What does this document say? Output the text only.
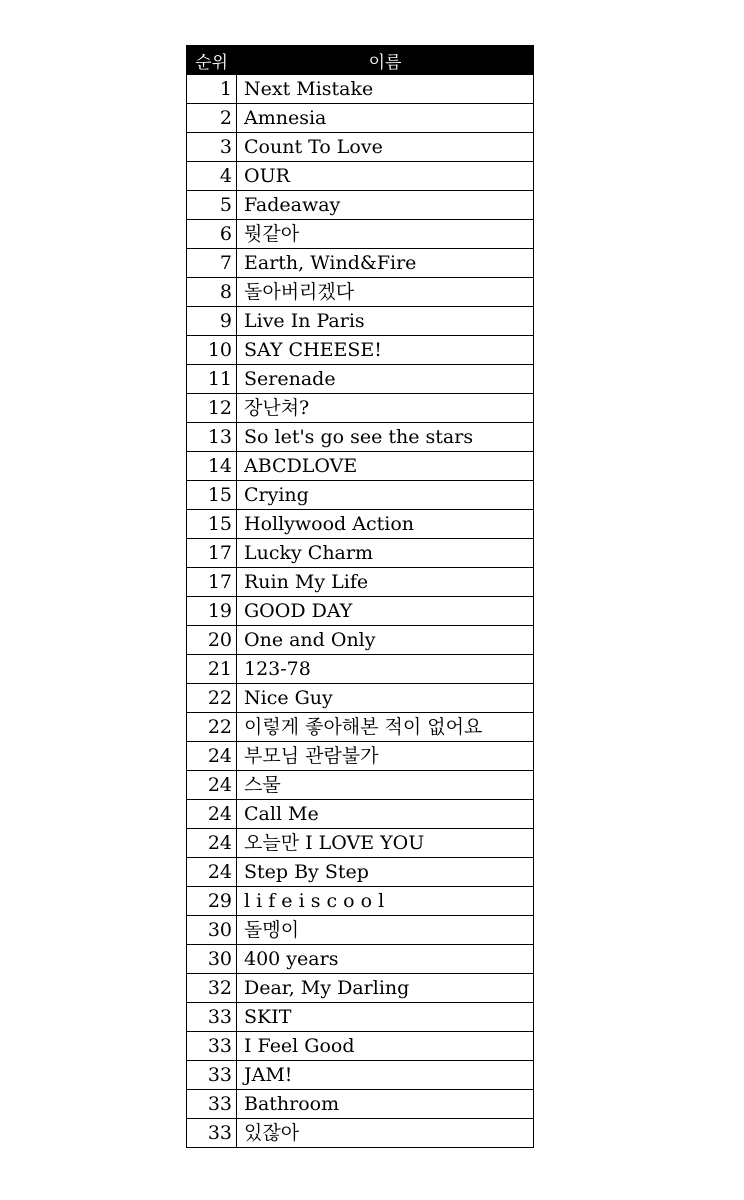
순위	이름
1	Next Mistake
2	Amnesia
3	Count To Love
4	OUR
5	Fadeaway
6	뭣같아
7	Earth, Wind&Fire
8	돌아버리겠다
9	Live In Paris
10	SAY CHEESE!
11	Serenade
12	장난쳐?
13	So let's go see the stars
14	ABCDLOVE
15	Crying
15	Hollywood Action
17	Lucky Charm
17	Ruin My Life
19	GOOD DAY
20	One and Only
21	123-78
22	Nice Guy
22	이렇게 좋아해본 적이 없어요
24	부모님 관람불가
24	스물
24	Call Me
24	오늘만 I LOVE YOU
24	Step By Step
29	l i f e i s c o o l
30	돌멩이
30	400 years
32	Dear, My Darling
33	SKIT
33	I Feel Good
33	JAM!
33	Bathroom
33	있잖아
